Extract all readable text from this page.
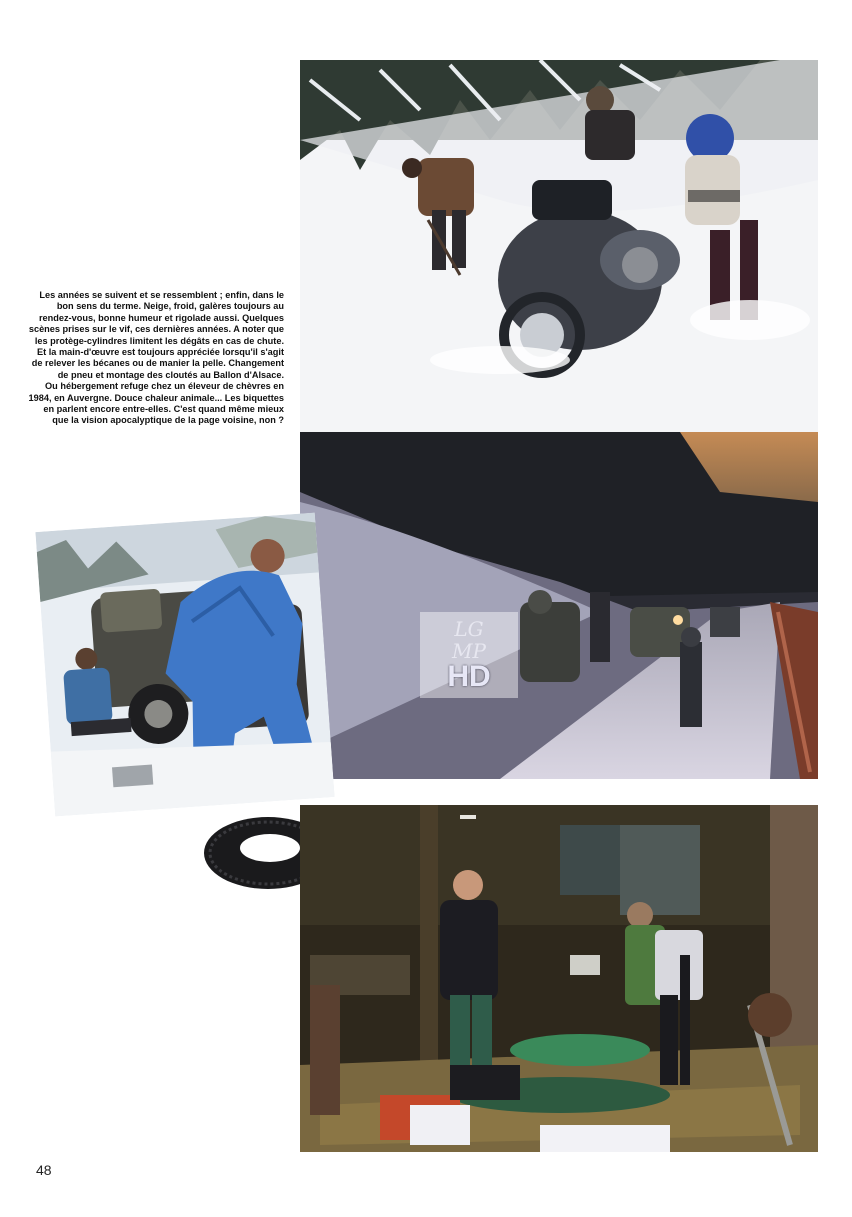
Les années se suivent et se ressemblent ; enfin, dans le bon sens du terme. Neige, froid, galères toujours au rendez-vous, bonne humeur et rigolade aussi. Quelques scènes prises sur le vif, ces dernières années. A noter que les protège-cylindres limitent les dégâts en cas de chute. Et la main-d'œuvre est toujours appréciée lorsqu'il s'agit de relever les bécanes ou de manier la pelle. Changement de pneu et montage des cloutés au Ballon d'Alsace.

Ou hébergement refuge chez un éleveur de chèvres en 1984, en Auvergne. Douce chaleur animale... Les biquettes en parlent encore entre-elles. C'est quand même mieux que la vision apocalyptique de la page voisine, non ?

LG
MP
HD
48
